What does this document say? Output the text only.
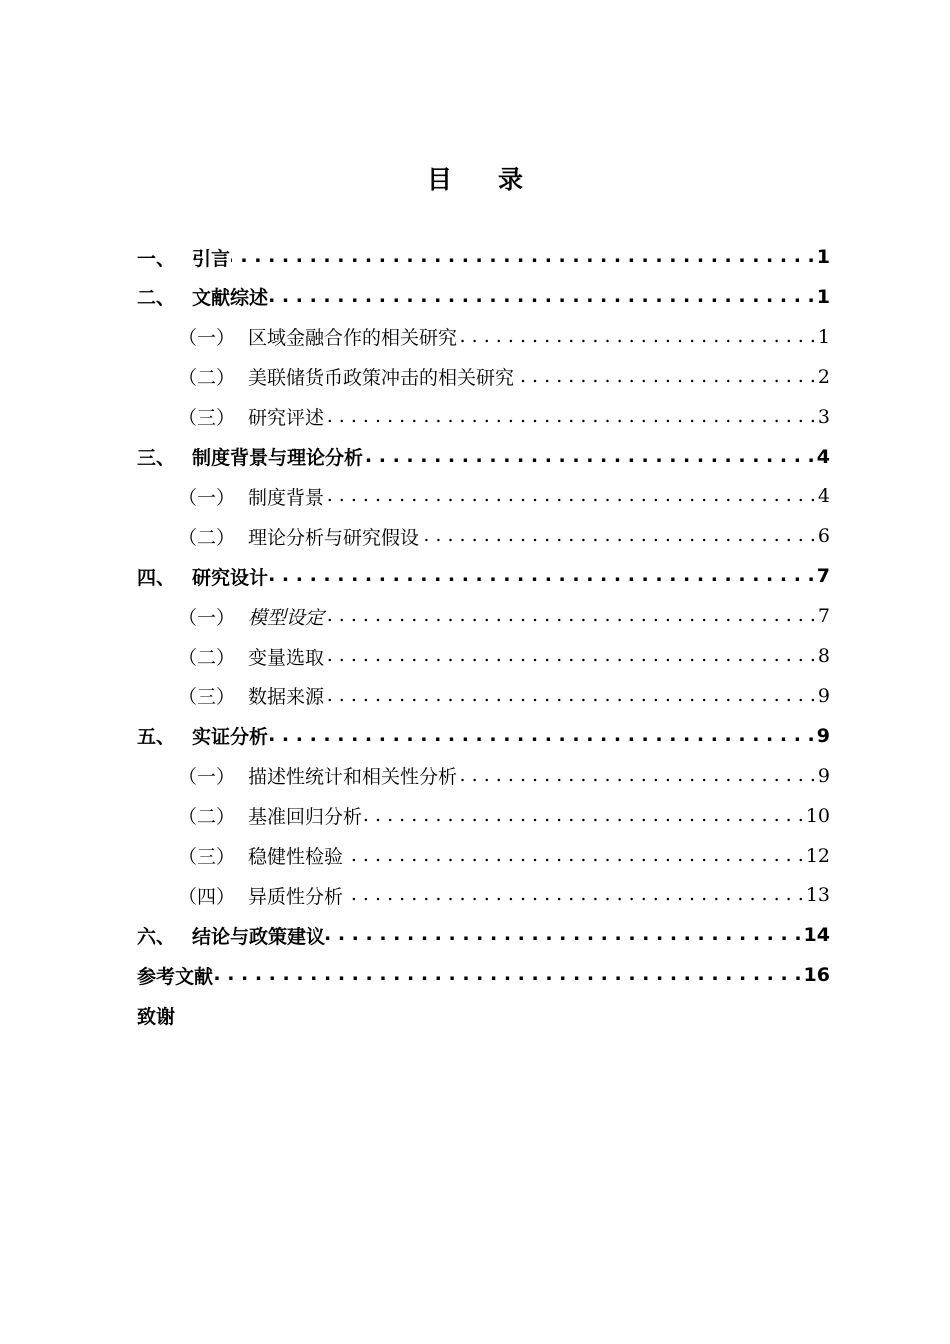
目 录
一、 引言 . . .	1
二、 文献综述 . . .	1
（一） 区域金融合作的相关研究 . . .	1
（二） 美联储货币政策冲击的相关研究 . . .	2
（三） 研究评述 . . .	3
三、 制度背景与理论分析 . . .	4
（一） 制度背景 . . .	4
（二） 理论分析与研究假设 . . .	6
四、 研究设计 . . .	7
（一） 模型设定 . . .	7
（二） 变量选取 . . .	8
（三） 数据来源 . . .	9
五、 实证分析 . . .	9
（一） 描述性统计和相关性分析 . . .	9
（二） 基准回归分析 . . .	10
（三） 稳健性检验 . . .	12
（四） 异质性分析 . . .	13
六、 结论与政策建议 . . .	14
参考文献 . . .	16
致谢
